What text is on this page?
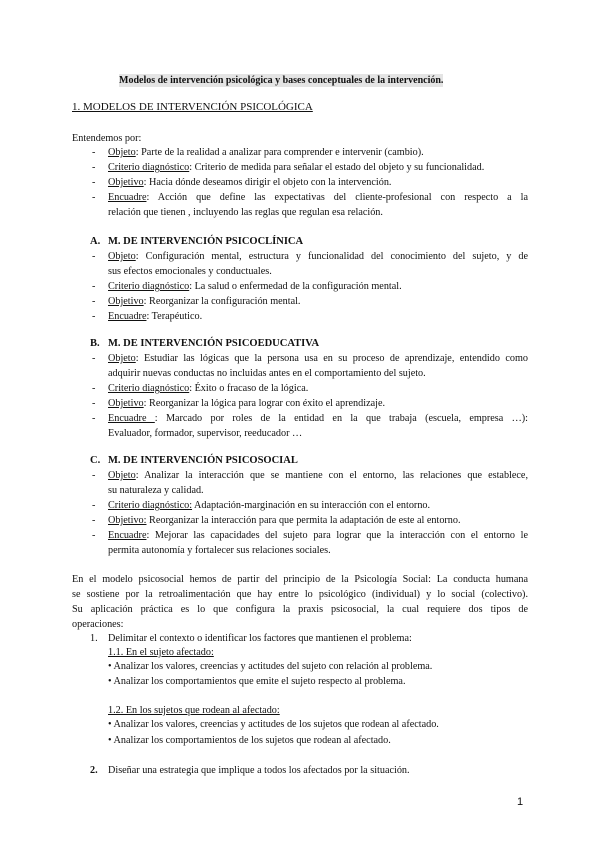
Modelos de intervención psicológica y bases conceptuales de la intervención.
1. MODELOS DE INTERVENCIÓN PSICOLÓGICA
Entendemos por:
- Objeto: Parte de la realidad a analizar para comprender e intervenir (cambio).
- Criterio diagnóstico: Criterio de medida para señalar el estado del objeto y su funcionalidad.
- Objetivo: Hacia dónde deseamos dirigir el objeto con la intervención.
- Encuadre: Acción que define las expectativas del cliente-profesional con respecto a la
relación que tienen , incluyendo las reglas que regulan esa relación.
A. M. DE INTERVENCIÓN PSICOCLÍNICA
- Objeto: Configuración mental, estructura y funcionalidad del conocimiento del sujeto, y de
sus efectos emocionales y conductuales.
- Criterio diagnóstico: La salud o enfermedad de la configuración mental.
- Objetivo: Reorganizar la configuración mental.
- Encuadre: Terapéutico.
B. M. DE INTERVENCIÓN PSICOEDUCATIVA
- Objeto: Estudiar las lógicas que la persona usa en su proceso de aprendizaje, entendido como
adquirir nuevas conductas no incluidas antes en el comportamiento del sujeto.
- Criterio diagnóstico: Éxito o fracaso de la lógica.
- Objetivo: Reorganizar la lógica para lograr con éxito el aprendizaje.
- Encuadre : Marcado por roles de la entidad en la que trabaja (escuela, empresa …):
Evaluador, formador, supervisor, reeducador …
C. M. DE INTERVENCIÓN PSICOSOCIAL
- Objeto: Analizar la interacción que se mantiene con el entorno, las relaciones que establece,
su naturaleza y calidad.
- Criterio diagnóstico: Adaptación-marginación en su interacción con el entorno.
- Objetivo: Reorganizar la interacción para que permita la adaptación de este al entorno.
- Encuadre: Mejorar las capacidades del sujeto para lograr que la interacción con el entorno le
permita autonomía y fortalecer sus relaciones sociales.
En el modelo psicosocial hemos de partir del principio de la Psicología Social: La conducta humana
se sostiene por la retroalimentación que hay entre lo psicológico (individual) y lo social (colectivo).
Su aplicación práctica es lo que configura la praxis psicosocial, la cual requiere dos tipos de
operaciones:
1. Delimitar el contexto o identificar los factores que mantienen el problema:
1.1. En el sujeto afectado:
• Analizar los valores, creencias y actitudes del sujeto con relación al problema.
• Analizar los comportamientos que emite el sujeto respecto al problema.
1.2. En los sujetos que rodean al afectado:
• Analizar los valores, creencias y actitudes de los sujetos que rodean al afectado.
• Analizar los comportamientos de los sujetos que rodean al afectado.
2. Diseñar una estrategia que implique a todos los afectados por la situación.
1
